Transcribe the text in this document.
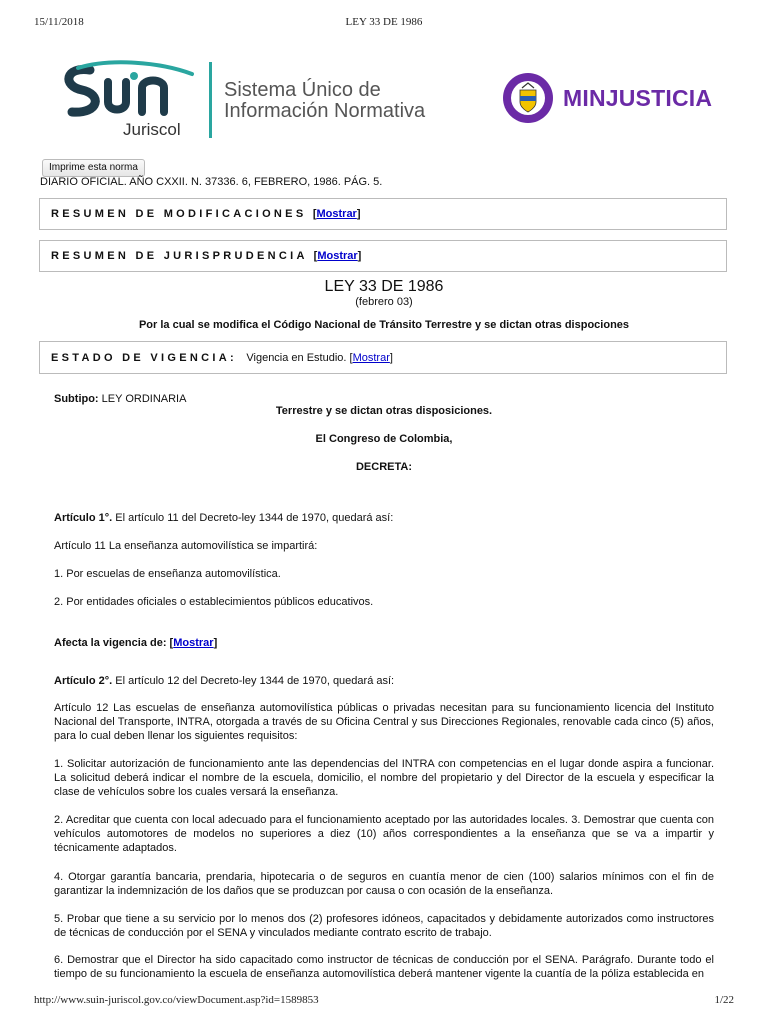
15/11/2018	LEY 33 DE 1986
Juriscol
Sistema Único de
Información Normativa	MINJUSTICIA
Imprime esta norma
DIARIO OFICIAL. AÑO CXXII. N. 37336. 6, FEBRERO, 1986. PÁG. 5.
RESUMEN DE MODIFICACIONES [Mostrar]
RESUMEN DE JURISPRUDENCIA [Mostrar]
LEY 33 DE 1986
(febrero 03)
Por la cual se modifica el Código Nacional de Tránsito Terrestre y se dictan otras dispociones
ESTADO DE VIGENCIA: Vigencia en Estudio. [Mostrar]
Subtipo: LEY ORDINARIA
Terrestre y se dictan otras disposiciones.
El Congreso de Colombia,
DECRETA:
Artículo 1°. El artículo 11 del Decreto-ley 1344 de 1970, quedará así:
Artículo 11 La enseñanza automovilística se impartirá:
1. Por escuelas de enseñanza automovilística.
2. Por entidades oficiales o establecimientos públicos educativos.
Afecta la vigencia de: [Mostrar]
Artículo 2°. El artículo 12 del Decreto-ley 1344 de 1970, quedará así:
Artículo 12 Las escuelas de enseñanza automovilística públicas o privadas necesitan para su funcionamiento licencia del Instituto Nacional del Transporte, INTRA, otorgada a través de su Oficina Central y sus Direcciones Regionales, renovable cada cinco (5) años, para lo cual deben llenar los siguientes requisitos:
1. Solicitar autorización de funcionamiento ante las dependencias del INTRA con competencias en el lugar donde aspira a funcionar. La solicitud deberá indicar el nombre de la escuela, domicilio, el nombre del propietario y del Director de la escuela y especificar la clase de vehículos sobre los cuales versará la enseñanza.
2. Acreditar que cuenta con local adecuado para el funcionamiento aceptado por las autoridades locales. 3. Demostrar que cuenta con vehículos automotores de modelos no superiores a diez (10) años correspondientes a la enseñanza que se va a impartir y técnicamente adaptados.
4. Otorgar garantía bancaria, prendaria, hipotecaria o de seguros en cuantía menor de cien (100) salarios mínimos con el fin de garantizar la indemnización de los daños que se produzcan por causa o con ocasión de la enseñanza.
5. Probar que tiene a su servicio por lo menos dos (2) profesores idóneos, capacitados y debidamente autorizados como instructores de técnicas de conducción por el SENA y vinculados mediante contrato escrito de trabajo.
6. Demostrar que el Director ha sido capacitado como instructor de técnicas de conducción por el SENA. Parágrafo. Durante todo el tiempo de su funcionamiento la escuela de enseñanza automovilística deberá mantener vigente la cuantía de la póliza establecida en
http://www.suin-juriscol.gov.co/viewDocument.asp?id=1589853	1/22
